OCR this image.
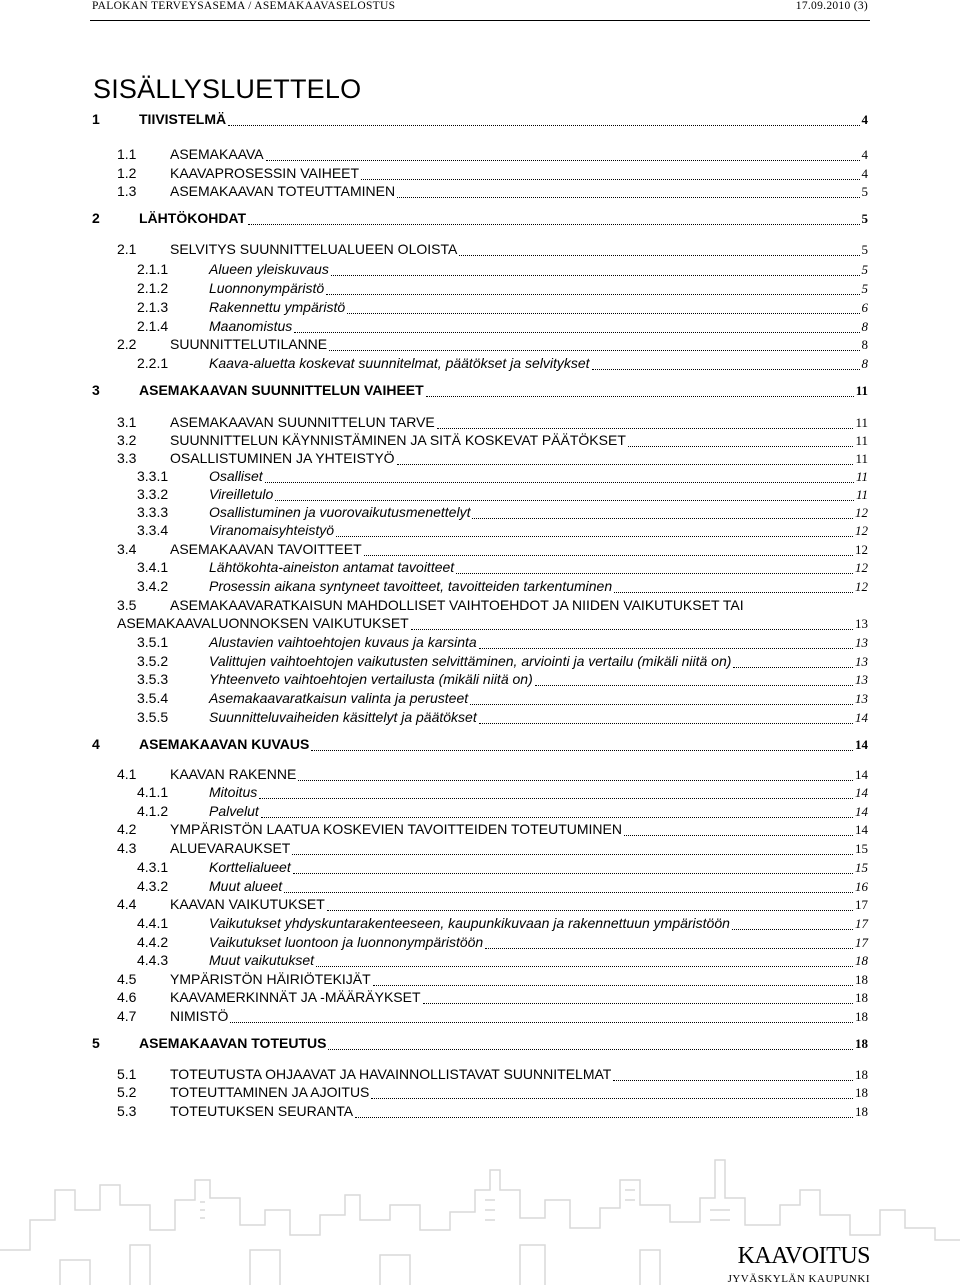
PALOKAN TERVEYSASEMA / ASEMAKAAVASELOSTUS	17.09.2010 (3)
SISÄLLYSLUETTELO
1	TIIVISTELMÄ	4
1.1	ASEMAKAAVA	4
1.2	KAAVAPROSESSIN VAIHEET	4
1.3	ASEMAKAAVAN TOTEUTTAMINEN	5
2	LÄHTÖKOHDAT	5
2.1	SELVITYS SUUNNITTELUALUEEN OLOISTA	5
2.1.1	Alueen yleiskuvaus	5
2.1.2	Luonnonympäristö	5
2.1.3	Rakennettu ympäristö	6
2.1.4	Maanomistus	8
2.2	SUUNNITTELUTILANNE	8
2.2.1	Kaava-aluetta koskevat suunnitelmat, päätökset ja selvitykset	8
3	ASEMAKAAVAN SUUNNITTELUN VAIHEET	11
3.1	ASEMAKAAVAN SUUNNITTELUN TARVE	11
3.2	SUUNNITTELUN KÄYNNISTÄMINEN JA SITÄ KOSKEVAT PÄÄTÖKSET	11
3.3	OSALLISTUMINEN JA YHTEISTYÖ	11
3.3.1	Osalliset	11
3.3.2	Vireilletulo	11
3.3.3	Osallistuminen ja vuorovaikutusmenettelyt	12
3.3.4	Viranomaisyhteistyö	12
3.4	ASEMAKAAVAN TAVOITTEET	12
3.4.1	Lähtökohta-aineiston antamat tavoitteet	12
3.4.2	Prosessin aikana syntyneet tavoitteet, tavoitteiden tarkentuminen	12
3.5	ASEMAKAAVARATKAISUN MAHDOLLISET VAIHTOEHDOT JA NIIDEN VAIKUTUKSET TAI
ASEMAKAAVALUONNOKSEN VAIKUTUKSET	13
3.5.1	Alustavien vaihtoehtojen kuvaus ja karsinta	13
3.5.2	Valittujen vaihtoehtojen vaikutusten selvittäminen, arviointi ja vertailu (mikäli niitä on)	13
3.5.3	Yhteenveto vaihtoehtojen vertailusta (mikäli niitä on)	13
3.5.4	Asemakaavaratkaisun valinta ja perusteet	13
3.5.5	Suunnitteluvaiheiden käsittelyt ja päätökset	14
4	ASEMAKAAVAN KUVAUS	14
4.1	KAAVAN RAKENNE	14
4.1.1	Mitoitus	14
4.1.2	Palvelut	14
4.2	YMPÄRISTÖN LAATUA KOSKEVIEN TAVOITTEIDEN TOTEUTUMINEN	14
4.3	ALUEVARAUKSET	15
4.3.1	Korttelialueet	15
4.3.2	Muut alueet	16
4.4	KAAVAN VAIKUTUKSET	17
4.4.1	Vaikutukset yhdyskuntarakenteeseen, kaupunkikuvaan ja rakennettuun ympäristöön	17
4.4.2	Vaikutukset luontoon ja luonnonympäristöön	17
4.4.3	Muut vaikutukset	18
4.5	YMPÄRISTÖN HÄIRIÖTEKIJÄT	18
4.6	KAAVAMERKINNÄT JA -MÄÄRÄYKSET	18
4.7	NIMISTÖ	18
5	ASEMAKAAVAN TOTEUTUS	18
5.1	TOTEUTUSTA OHJAAVAT JA HAVAINNOLLISTAVAT SUUNNITELMAT	18
5.2	TOTEUTTAMINEN JA AJOITUS	18
5.3	TOTEUTUKSEN SEURANTA	18
KAAVOITUS
JYVÄSKYLÄN KAUPUNKI
